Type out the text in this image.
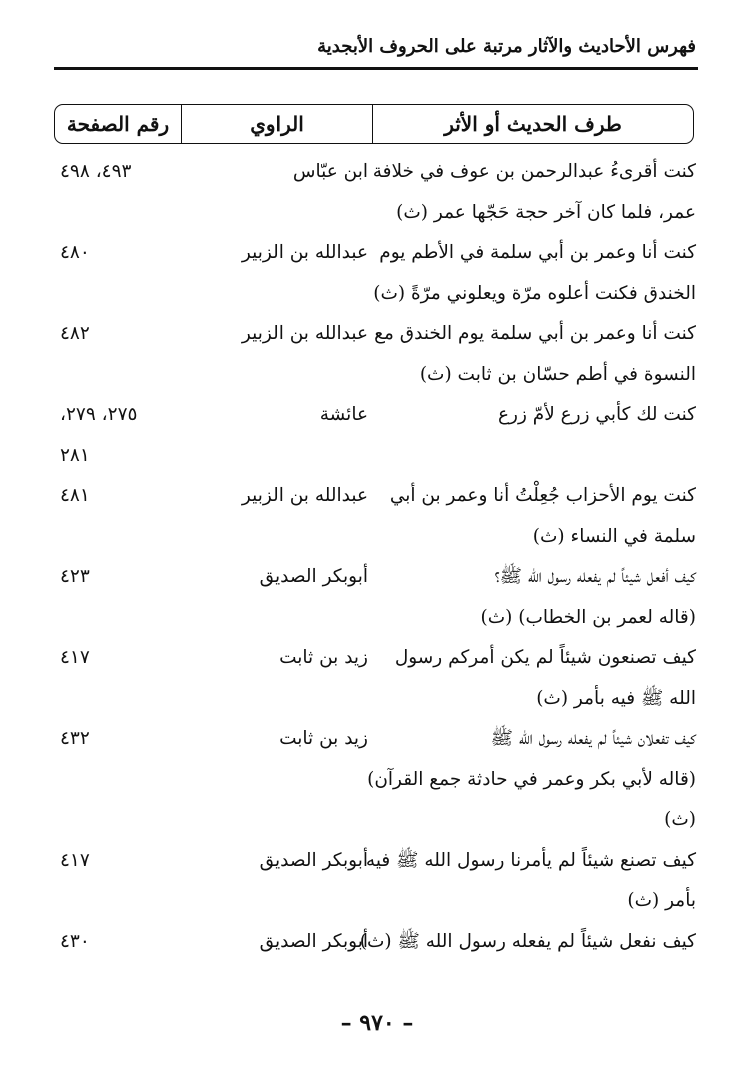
فهرس الأحاديث والآثار مرتبة على الحروف الأبجدية
طرف الحديث أو الأثر
الراوي
رقم الصفحة
كنت أقرىءُ عبدالرحمن بن عوف في خلافة
عمر، فلما كان آخر حجة حَجّها عمر (ث)
ابن عبّاس
٤٩٣، ٤٩٨
كنت أنا وعمر بن أبي سلمة في الأطم يوم
الخندق فكنت أعلوه مرّة ويعلوني مرّةً (ث)
عبدالله بن الزبير
٤٨٠
كنت أنا وعمر بن أبي سلمة يوم الخندق مع
النسوة في أطم حسّان بن ثابت (ث)
عبدالله بن الزبير
٤٨٢
كنت لك كأبي زرع لأمّ زرع
عائشة
٢٧٥، ٢٧٩،
٢٨١
كنت يوم الأحزاب جُعِلْتُ أنا وعمر بن أبي
سلمة في النساء (ث)
عبدالله بن الزبير
٤٨١
كيف أفعل شيئاً لم يفعله رسول الله ﷺ؟
(قاله لعمر بن الخطاب) (ث)
أبوبكر الصديق
٤٢٣
كيف تصنعون شيئاً لم يكن أمركم رسول
الله ﷺ فيه بأمر (ث)
زيد بن ثابت
٤١٧
كيف تفعلان شيئاً لم يفعله رسول الله ﷺ
(قاله لأبي بكر وعمر في حادثة جمع القرآن)
(ث)
زيد بن ثابت
٤٣٢
كيف تصنع شيئاً لم يأمرنا رسول الله ﷺ فيه
بأمر (ث)
أبوبكر الصديق
٤١٧
كيف نفعل شيئاً لم يفعله رسول الله ﷺ (ث)
أبوبكر الصديق
٤٣٠
– ٩٧٠ –
